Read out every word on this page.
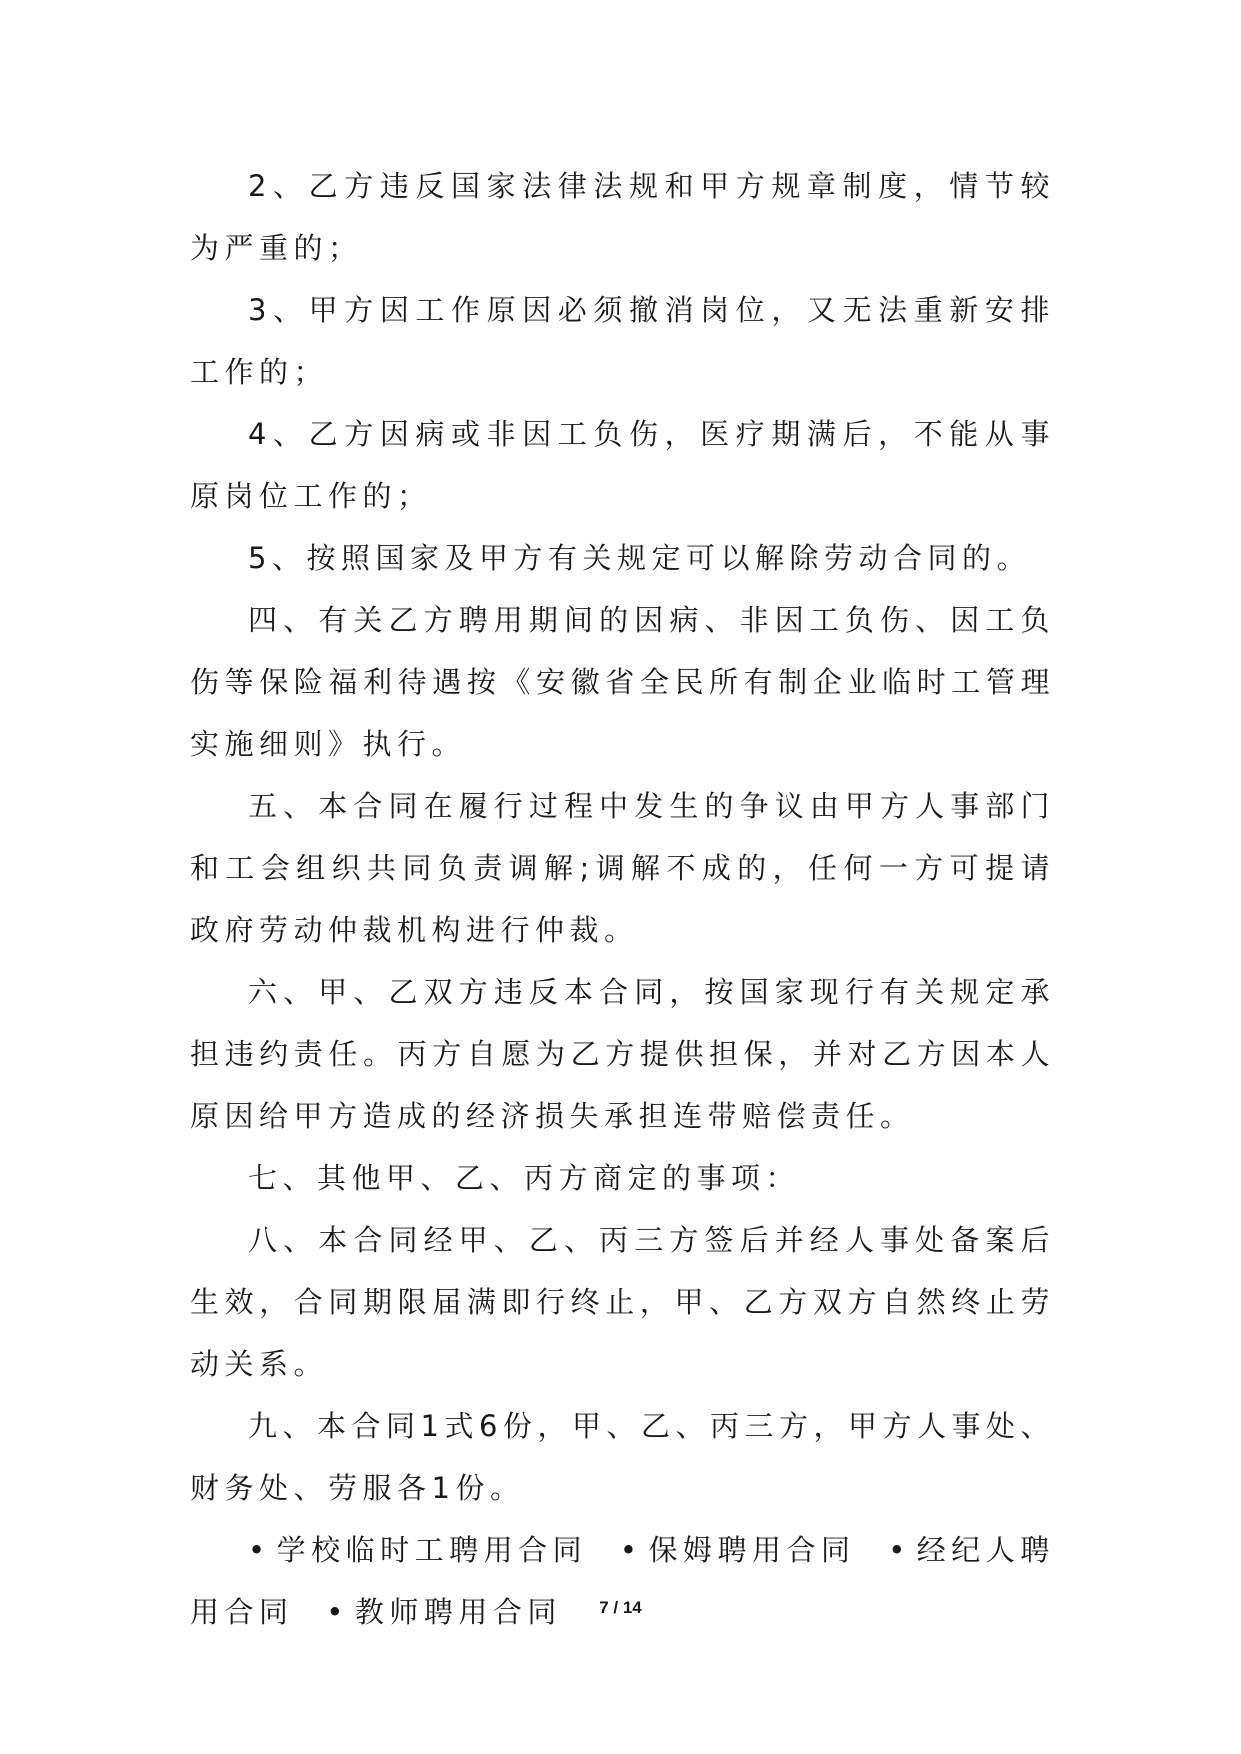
2、乙方违反国家法律法规和甲方规章制度，情节较为严重的；

3、甲方因工作原因必须撤消岗位，又无法重新安排工作的；

4、乙方因病或非因工负伤，医疗期满后，不能从事原岗位工作的；

5、按照国家及甲方有关规定可以解除劳动合同的。

四、有关乙方聘用期间的因病、非因工负伤、因工负伤等保险福利待遇按《安徽省全民所有制企业临时工管理实施细则》执行。

五、本合同在履行过程中发生的争议由甲方人事部门和工会组织共同负责调解;调解不成的，任何一方可提请政府劳动仲裁机构进行仲裁。

六、甲、乙双方违反本合同，按国家现行有关规定承担违约责任。丙方自愿为乙方提供担保，并对乙方因本人原因给甲方造成的经济损失承担连带赔偿责任。

七、其他甲、乙、丙方商定的事项：

八、本合同经甲、乙、丙三方签后并经人事处备案后生效，合同期限届满即行终止，甲、乙方双方自然终止劳动关系。

九、本合同1式6份，甲、乙、丙三方，甲方人事处、财务处、劳服各1份。

• 学校临时工聘用合同 • 保姆聘用合同 • 经纪人聘用合同 • 教师聘用合同	7 / 14
